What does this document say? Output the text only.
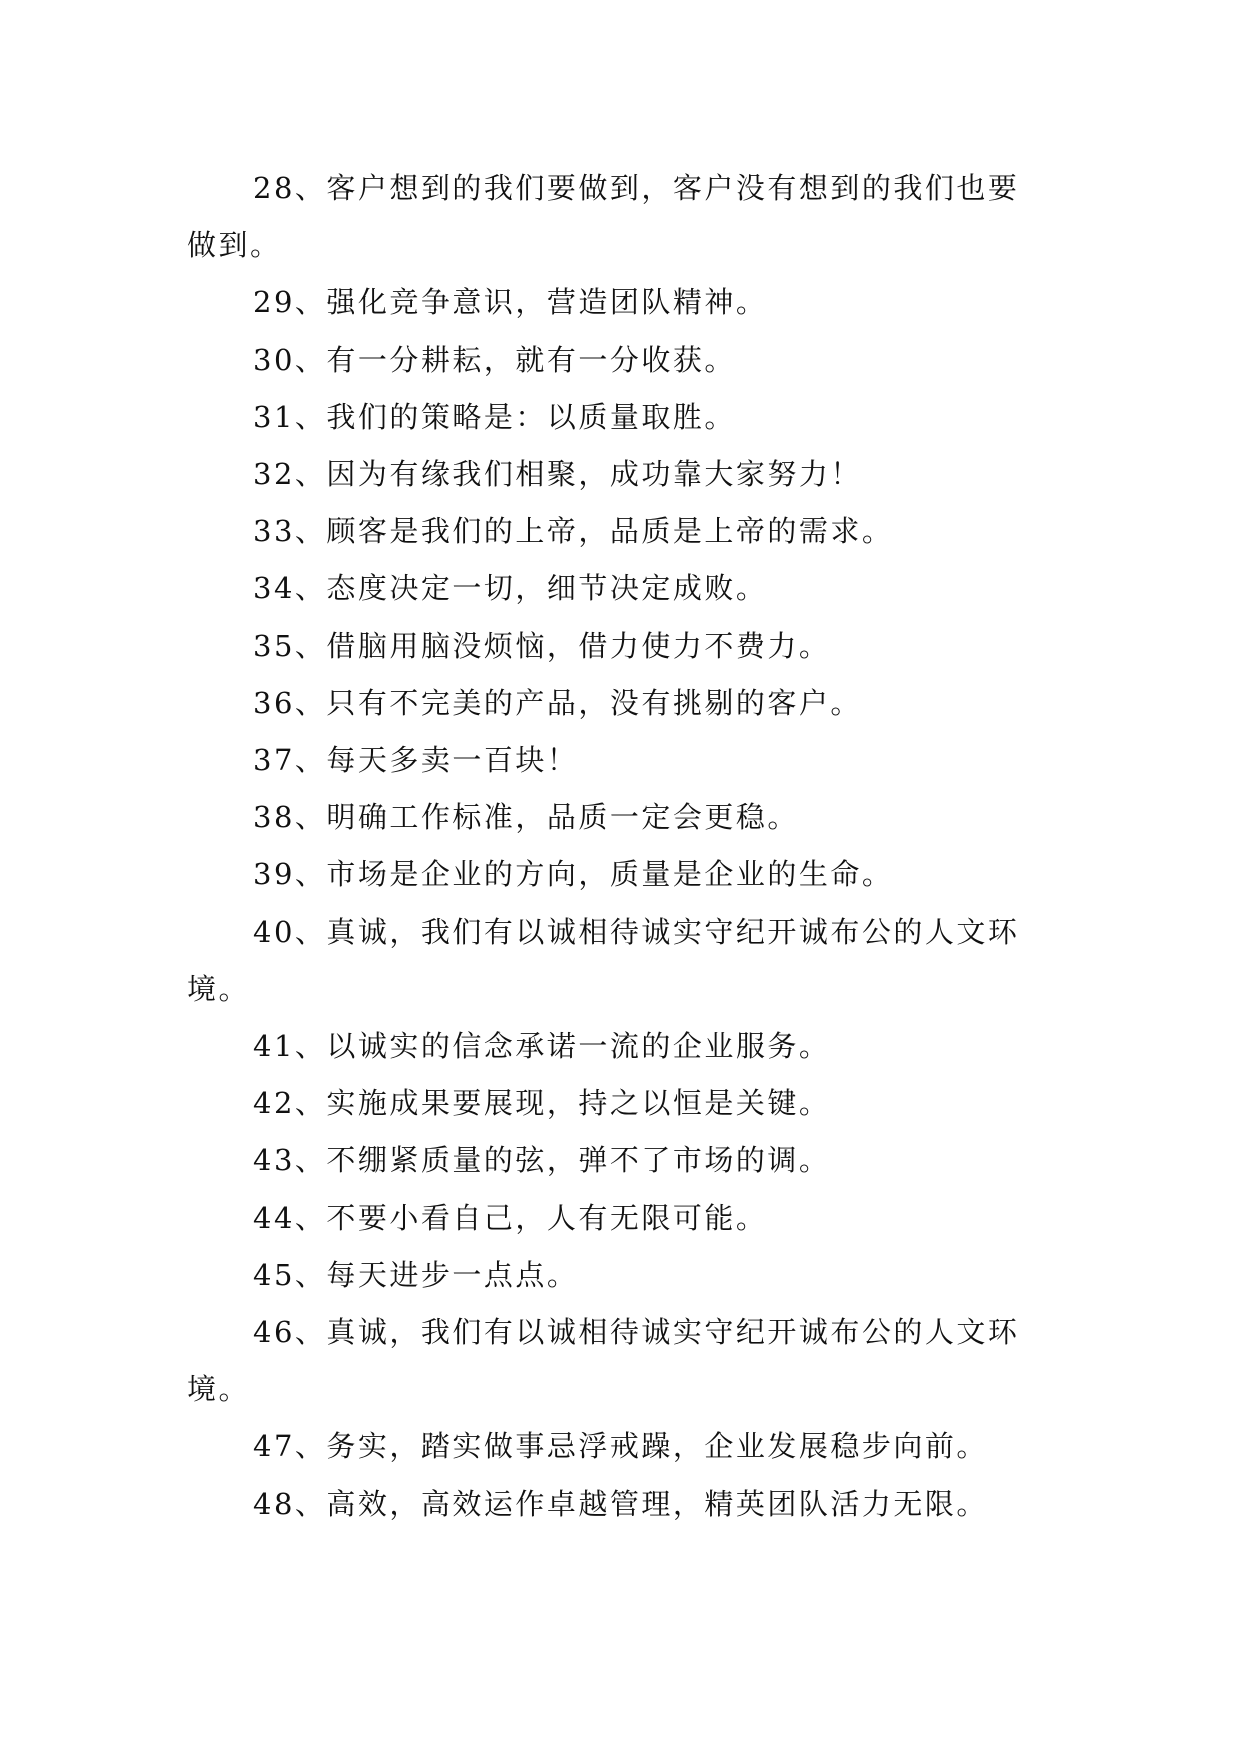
28、客户想到的我们要做到，客户没有想到的我们也要做到。

29、强化竞争意识，营造团队精神。

30、有一分耕耘，就有一分收获。

31、我们的策略是：以质量取胜。

32、因为有缘我们相聚，成功靠大家努力！

33、顾客是我们的上帝，品质是上帝的需求。

34、态度决定一切，细节决定成败。

35、借脑用脑没烦恼，借力使力不费力。

36、只有不完美的产品，没有挑剔的客户。

37、每天多卖一百块！

38、明确工作标准，品质一定会更稳。

39、市场是企业的方向，质量是企业的生命。

40、真诚，我们有以诚相待诚实守纪开诚布公的人文环境。

41、以诚实的信念承诺一流的企业服务。

42、实施成果要展现，持之以恒是关键。

43、不绷紧质量的弦，弹不了市场的调。

44、不要小看自己，人有无限可能。

45、每天进步一点点。

46、真诚，我们有以诚相待诚实守纪开诚布公的人文环境。

47、务实，踏实做事忌浮戒躁，企业发展稳步向前。

48、高效，高效运作卓越管理，精英团队活力无限。
